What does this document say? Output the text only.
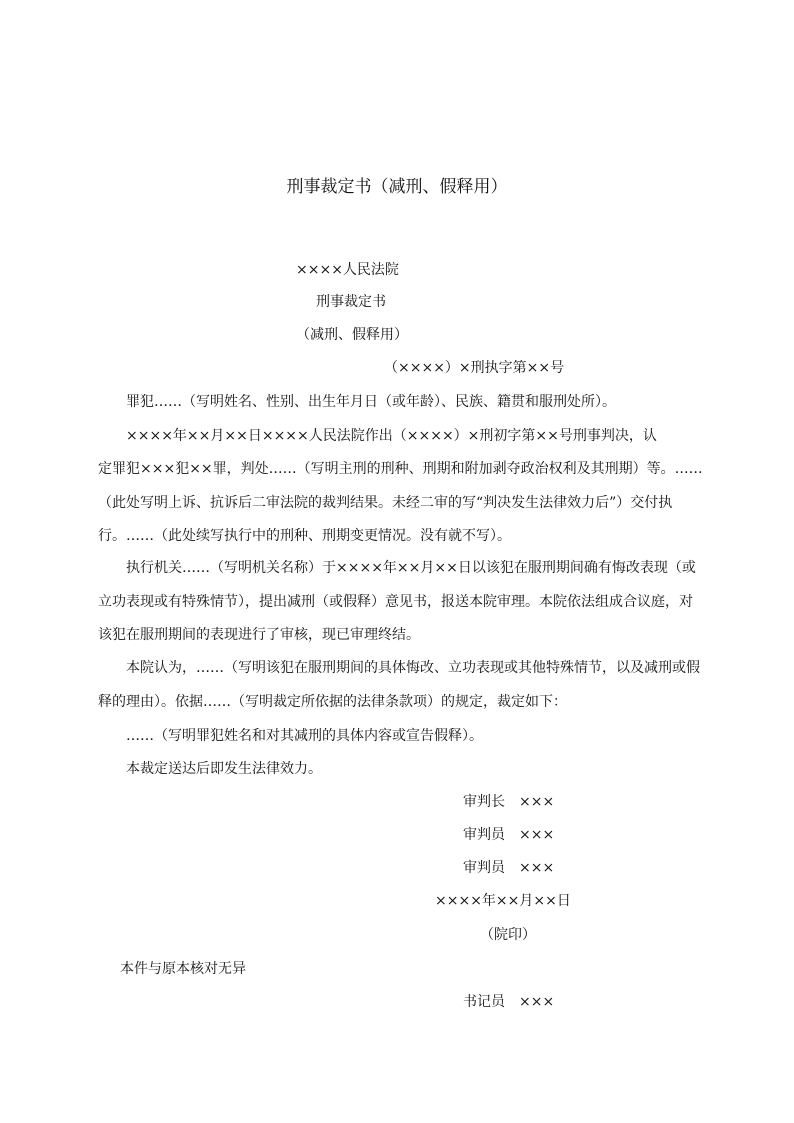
刑事裁定书（减刑、假释用）
××××人民法院
刑事裁定书
（减刑、假释用）
（××××）×刑执字第××号
罪犯……（写明姓名、性别、出生年月日（或年龄）、民族、籍贯和服刑处所）。
××××年××月××日××××人民法院作出（××××）×刑初字第××号刑事判决，认
定罪犯×××犯××罪，判处……（写明主刑的刑种、刑期和附加剥夺政治权利及其刑期）等。……
（此处写明上诉、抗诉后二审法院的裁判结果。未经二审的写“判决发生法律效力后”）交付执
行。……（此处续写执行中的刑种、刑期变更情况。没有就不写）。
执行机关……（写明机关名称）于××××年××月××日以该犯在服刑期间确有悔改表现（或
立功表现或有特殊情节），提出减刑（或假释）意见书，报送本院审理。本院依法组成合议庭，对
该犯在服刑期间的表现进行了审核，现已审理终结。
本院认为，……（写明该犯在服刑期间的具体悔改、立功表现或其他特殊情节，以及减刑或假
释的理由）。依据……（写明裁定所依据的法律条款项）的规定，裁定如下：
……（写明罪犯姓名和对其减刑的具体内容或宣告假释）。
本裁定送达后即发生法律效力。
审判长　×××
审判员　×××
审判员　×××
××××年××月××日
（院印）
本件与原本核对无异
书记员　×××
